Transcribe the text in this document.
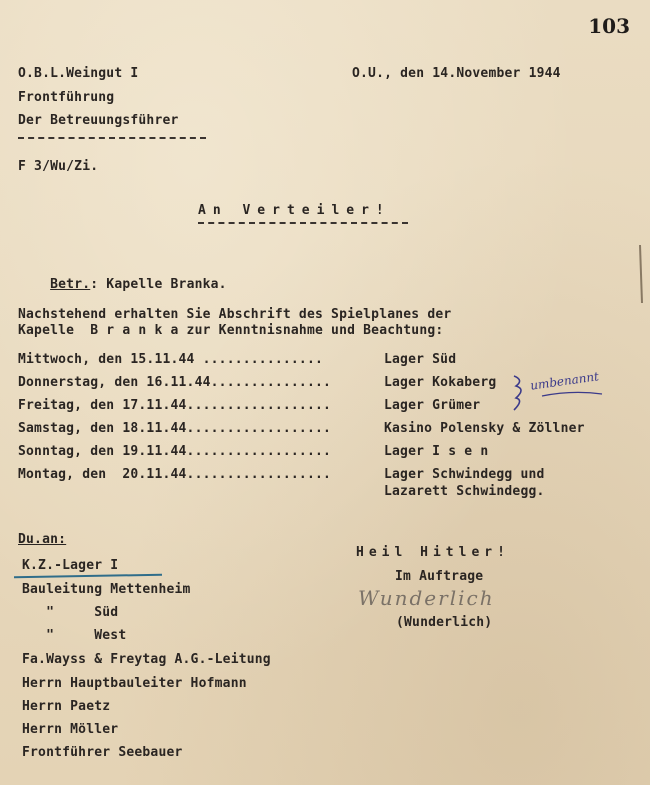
103
O.B.L.Weingut I
Frontführung
Der Betreuungsführer
F 3/Wu/Zi.
O.U., den 14.November 1944
An Verteiler!

Betr.: Kapelle Branka.

Nachstehend erhalten Sie Abschrift des Spielplanes der
Kapelle  B r a n k a zur Kenntnisnahme und Beachtung:
Mittwoch, den 15.11.44 ...............	Lager Süd
Donnerstag, den 16.11.44...............	Lager Kokaberg
Freitag, den 17.11.44..................	Lager Grümer
Samstag, den 18.11.44..................	Kasino Polensky & Zöllner
Sonntag, den 19.11.44..................	Lager I s e n
Montag, den  20.11.44..................	Lager Schwindegg und
Lazarett Schwindegg.
umbenannt
Du.an:
K.Z.-Lager I
Bauleitung Mettenheim
"     Süd
"     West
Fa.Wayss & Freytag A.G.-Leitung
Herrn Hauptbauleiter Hofmann
Herrn Paetz
Herrn Möller
Frontführer Seebauer
Heil Hitler!
Im Auftrage
Wunderlich
(Wunderlich)
